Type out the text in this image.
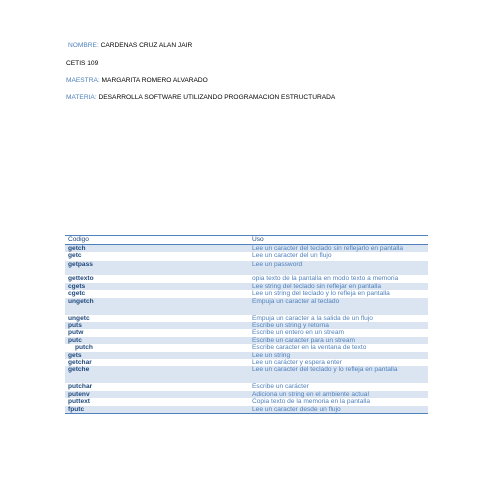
NOMBRE: CARDENAS CRUZ ALAN JAIR
CETIS 109
MAESTRA: MARGARITA ROMERO ALVARADO
MATERIA: DESARROLLA SOFTWARE UTILIZANDO PROGRAMACION ESTRUCTURADA
Codigo	Uso
getch	Lee un caracter del teclado sin reflejarlo en pantalla
getc	Lee un caracter del un flujo
getpass	Lee un password
gettexto	opia texto de la pantalla en modo texto a memoria
cgets	Lee string del teclado sin reflejar en pantalla
cgetc	Lee un string del teclado y lo refleja en pantalla
ungetch	Empuja un caracter al teclado
ungetc	Empuja un caracter a la salida de un flujo
puts	Escribe un string y retorna
putw	Escribe un entero en un stream
putc	Escribe un caracter para un stream
putch	Escribe caracter en la ventana de texto
gets	Lee un string
getchar	Lee un carácter y espera enter
getche	Lee un caracter del teclado y lo refleja en pantalla
putchar	Escribe un carácter
putenv	Adiciona un string en el ambiente actual
puttext	Copia texto de la memoria en la pantalla
fputc	Lee un caracter desde un flujo
